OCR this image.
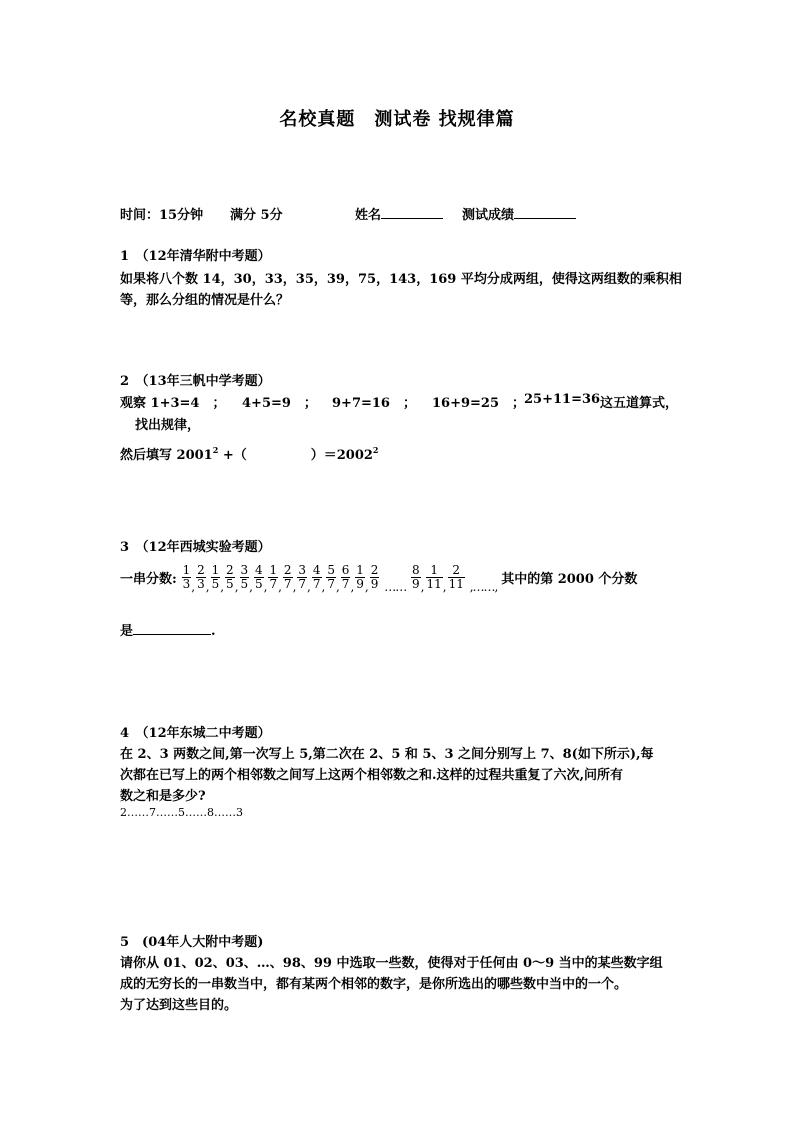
名校真题　测试卷 找规律篇
时间：15分钟 满分 5分	姓名	测试成绩
1　（12年清华附中考题）
如果将八个数 14，30，33，35，39，75，143，169 平均分成两组，使得这两组数的乘积相
等，那么分组的情况是什么？
2　（13年三帆中学考题）
观察 1+3=4　； 4+5=9　； 9+7=16　； 16+9=25　；
25+11=36 这五道算式，
找出规律，
然后填写 $2001^2$ +（	）$=2002^2$
3　（12年西城实验考题）
一串分数: $\frac{1}{3}$ , $\frac{2}{3}$ , $\frac{1}{5}$ , $\frac{2}{5}$ , $\frac{3}{5}$ , $\frac{4}{5}$ , $\frac{1}{7}$ , $\frac{2}{7}$ , $\frac{3}{7}$ , $\frac{4}{7}$ , $\frac{5}{7}$ , $\frac{6}{7}$ , $\frac{1}{9}$ , $\frac{2}{9}$ …… $\frac{8}{9}$ , $\frac{1}{11}$ , $\frac{2}{11}$ ,……, 其中的第 2000 个分数
是	.
4　（12年东城二中考题）
在 2、3 两数之间,第一次写上 5,第二次在 2、5 和 5、3 之间分别写上 7、8(如下所示),每
次都在已写上的两个相邻数之间写上这两个相邻数之和.这样的过程共重复了六次,问所有
数之和是多少?
2……7……5……8……3
5　(04年人大附中考题)
请你从 01、02、03、…、98、99 中选取一些数，使得对于任何由 0～9 当中的某些数字组
成的无穷长的一串数当中，都有某两个相邻的数字，是你所选出的哪些数中当中的一个。
为了达到这些目的。
